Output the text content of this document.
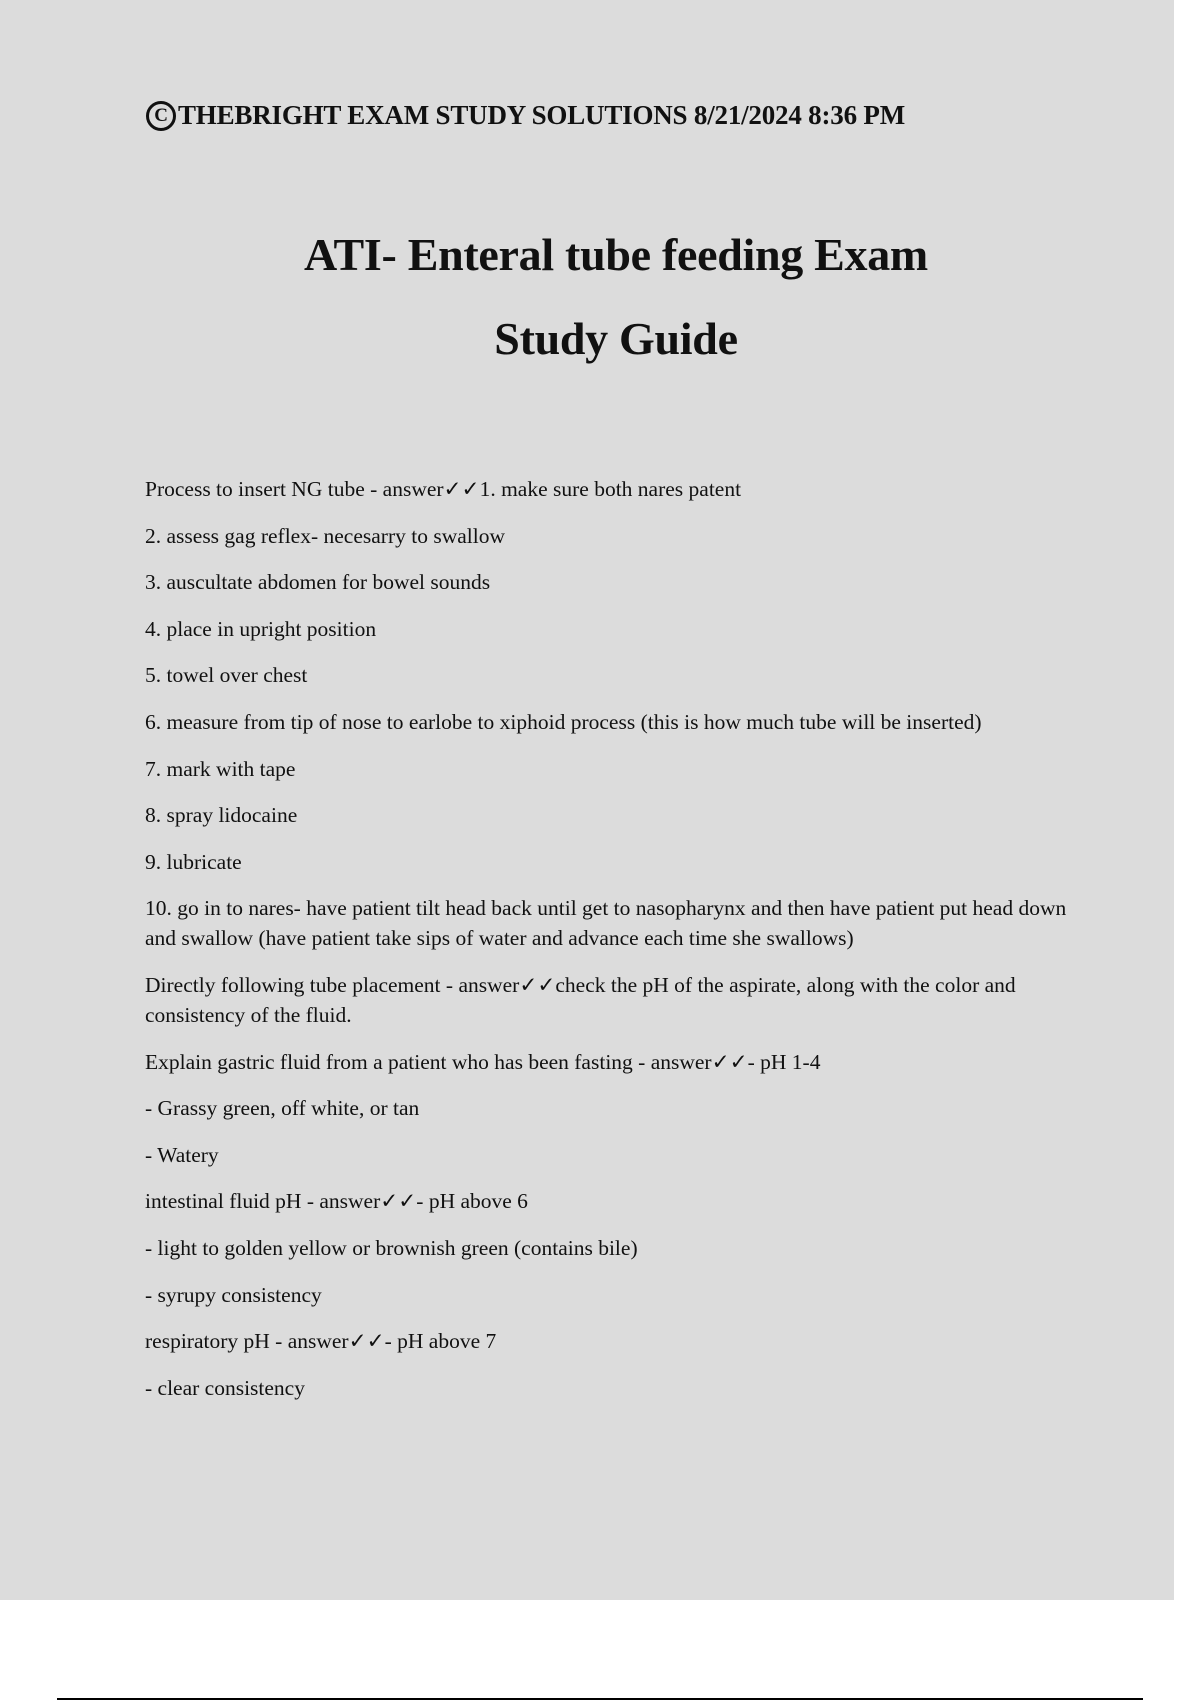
C THEBRIGHT EXAM STUDY SOLUTIONS 8/21/2024 8:36 PM
ATI- Enteral tube feeding Exam
Study Guide

Process to insert NG tube - answer✓✓1. make sure both nares patent

2. assess gag reflex- necesarry to swallow

3. auscultate abdomen for bowel sounds

4. place in upright position

5. towel over chest

6. measure from tip of nose to earlobe to xiphoid process (this is how much tube will be inserted)

7. mark with tape

8. spray lidocaine

9. lubricate

10. go in to nares- have patient tilt head back until get to nasopharynx and then have patient put head down and swallow (have patient take sips of water and advance each time she swallows)

Directly following tube placement - answer✓✓check the pH of the aspirate, along with the color and consistency of the fluid.

Explain gastric fluid from a patient who has been fasting - answer✓✓- pH 1-4

- Grassy green, off white, or tan

- Watery

intestinal fluid pH - answer✓✓- pH above 6

- light to golden yellow or brownish green (contains bile)

- syrupy consistency

respiratory pH - answer✓✓- pH above 7

- clear consistency
